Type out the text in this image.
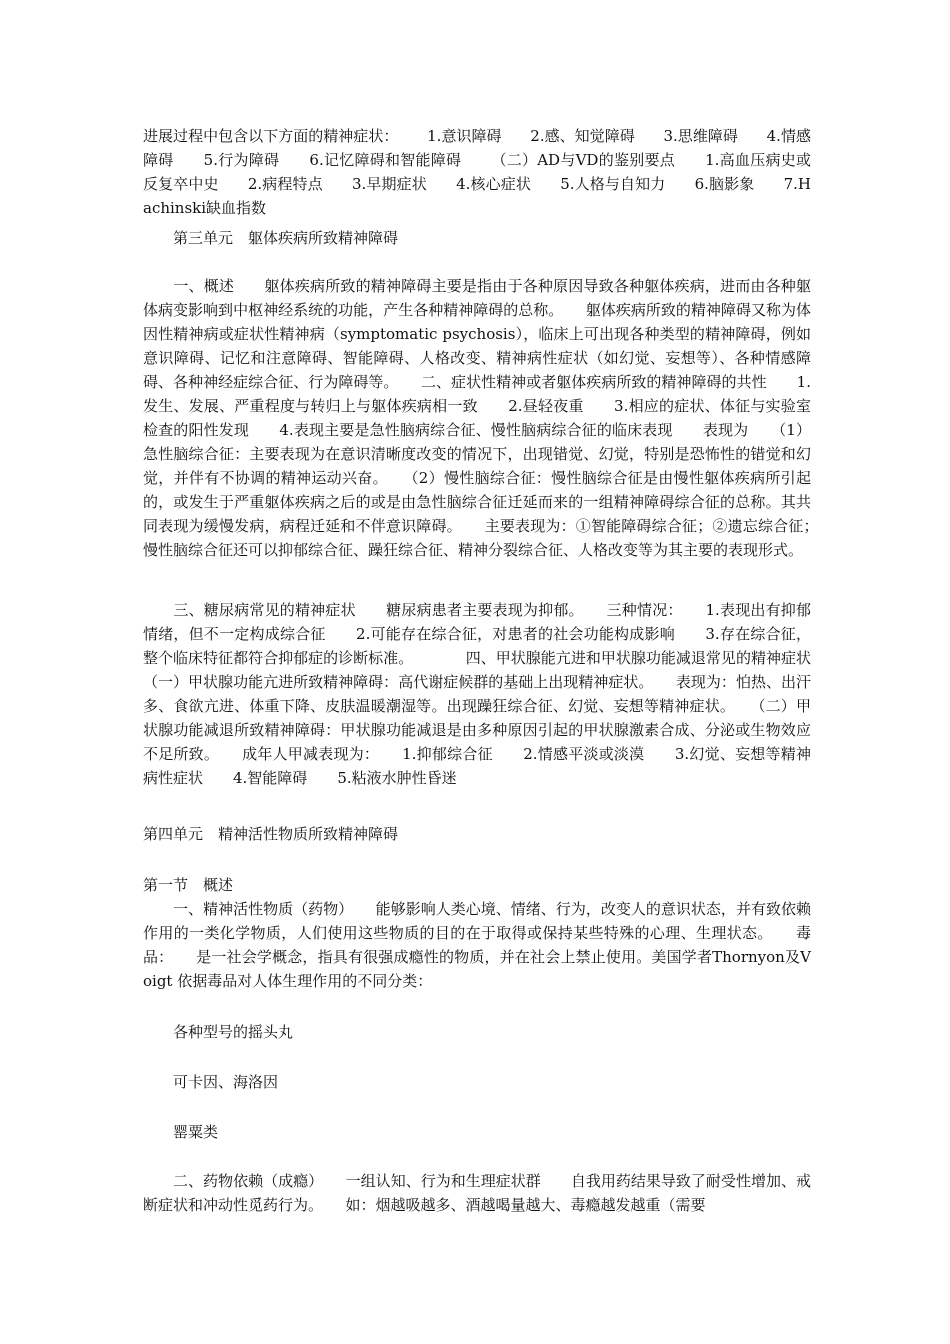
进展过程中包含以下方面的精神症状：      1.意识障碍      2.感、知觉障碍      3.思维障碍      4.情感障碍      5.行为障碍      6.记忆障碍和智能障碍      （二）AD与VD的鉴别要点      1.高血压病史或反复卒中史      2.病程特点      3.早期症状      4.核心症状      5.人格与自知力      6.脑影象      7.Hachinski缺血指数
第三单元　躯体疾病所致精神障碍
　　一、概述　　躯体疾病所致的精神障碍主要是指由于各种原因导致各种躯体疾病，进而由各种躯体病变影响到中枢神经系统的功能，产生各种精神障碍的总称。　　躯体疾病所致的精神障碍又称为体因性精神病或症状性精神病（symptomatic psychosis），临床上可出现各种类型的精神障碍，例如意识障碍、记忆和注意障碍、智能障碍、人格改变、精神病性症状（如幻觉、妄想等）、各种情感障碍、各种神经症综合征、行为障碍等。　　二、症状性精神或者躯体疾病所致的精神障碍的共性　　1.发生、发展、严重程度与转归上与躯体疾病相一致　　2.昼轻夜重　　3.相应的症状、体征与实验室检查的阳性发现　　4.表现主要是急性脑病综合征、慢性脑病综合征的临床表现　　表现为　　（1）急性脑综合征：主要表现为在意识清晰度改变的情况下，出现错觉、幻觉，特别是恐怖性的错觉和幻觉，并伴有不协调的精神运动兴奋。　　（2）慢性脑综合征：慢性脑综合征是由慢性躯体疾病所引起的，或发生于严重躯体疾病之后的或是由急性脑综合征迁延而来的一组精神障碍综合征的总称。其共同表现为缓慢发病，病程迁延和不伴意识障碍。　　主要表现为：①智能障碍综合征；②遗忘综合征；　　慢性脑综合征还可以抑郁综合征、躁狂综合征、精神分裂综合征、人格改变等为其主要的表现形式。
　　三、糖尿病常见的精神症状　　糖尿病患者主要表现为抑郁。　　三种情况：　　1.表现出有抑郁情绪，但不一定构成综合征　　2.可能存在综合征，对患者的社会功能构成影响　　3.存在综合征，整个临床特征都符合抑郁症的诊断标准。　　　　四、甲状腺能亢进和甲状腺功能减退常见的精神症状　　（一）甲状腺功能亢进所致精神障碍：高代谢症候群的基础上出现精神症状。　　表现为：怕热、出汗多、食欲亢进、体重下降、皮肤温暖潮湿等。出现躁狂综合征、幻觉、妄想等精神症状。　　（二）甲状腺功能减退所致精神障碍：甲状腺功能减退是由多种原因引起的甲状腺激素合成、分泌或生物效应不足所致。　　成年人甲减表现为：　　1.抑郁综合征　　2.情感平淡或淡漠　　3.幻觉、妄想等精神病性症状　　4.智能障碍　　5.粘液水肿性昏迷
第四单元　精神活性物质所致精神障碍
第一节　概述
　　一、精神活性物质（药物）　　能够影响人类心境、情绪、行为，改变人的意识状态，并有致依赖作用的一类化学物质，人们使用这些物质的目的在于取得或保持某些特殊的心理、生理状态。　　毒品：　　是一社会学概念，指具有很强成瘾性的物质，并在社会上禁止使用。美国学者Thornyon及Voigt 依据毒品对人体生理作用的不同分类：
各种型号的摇头丸
可卡因、海洛因
罂粟类
　　二、药物依赖（成瘾）　　一组认知、行为和生理症状群　　自我用药结果导致了耐受性增加、戒断症状和冲动性觅药行为。　　如：烟越吸越多、酒越喝量越大、毒瘾越发越重（需要
